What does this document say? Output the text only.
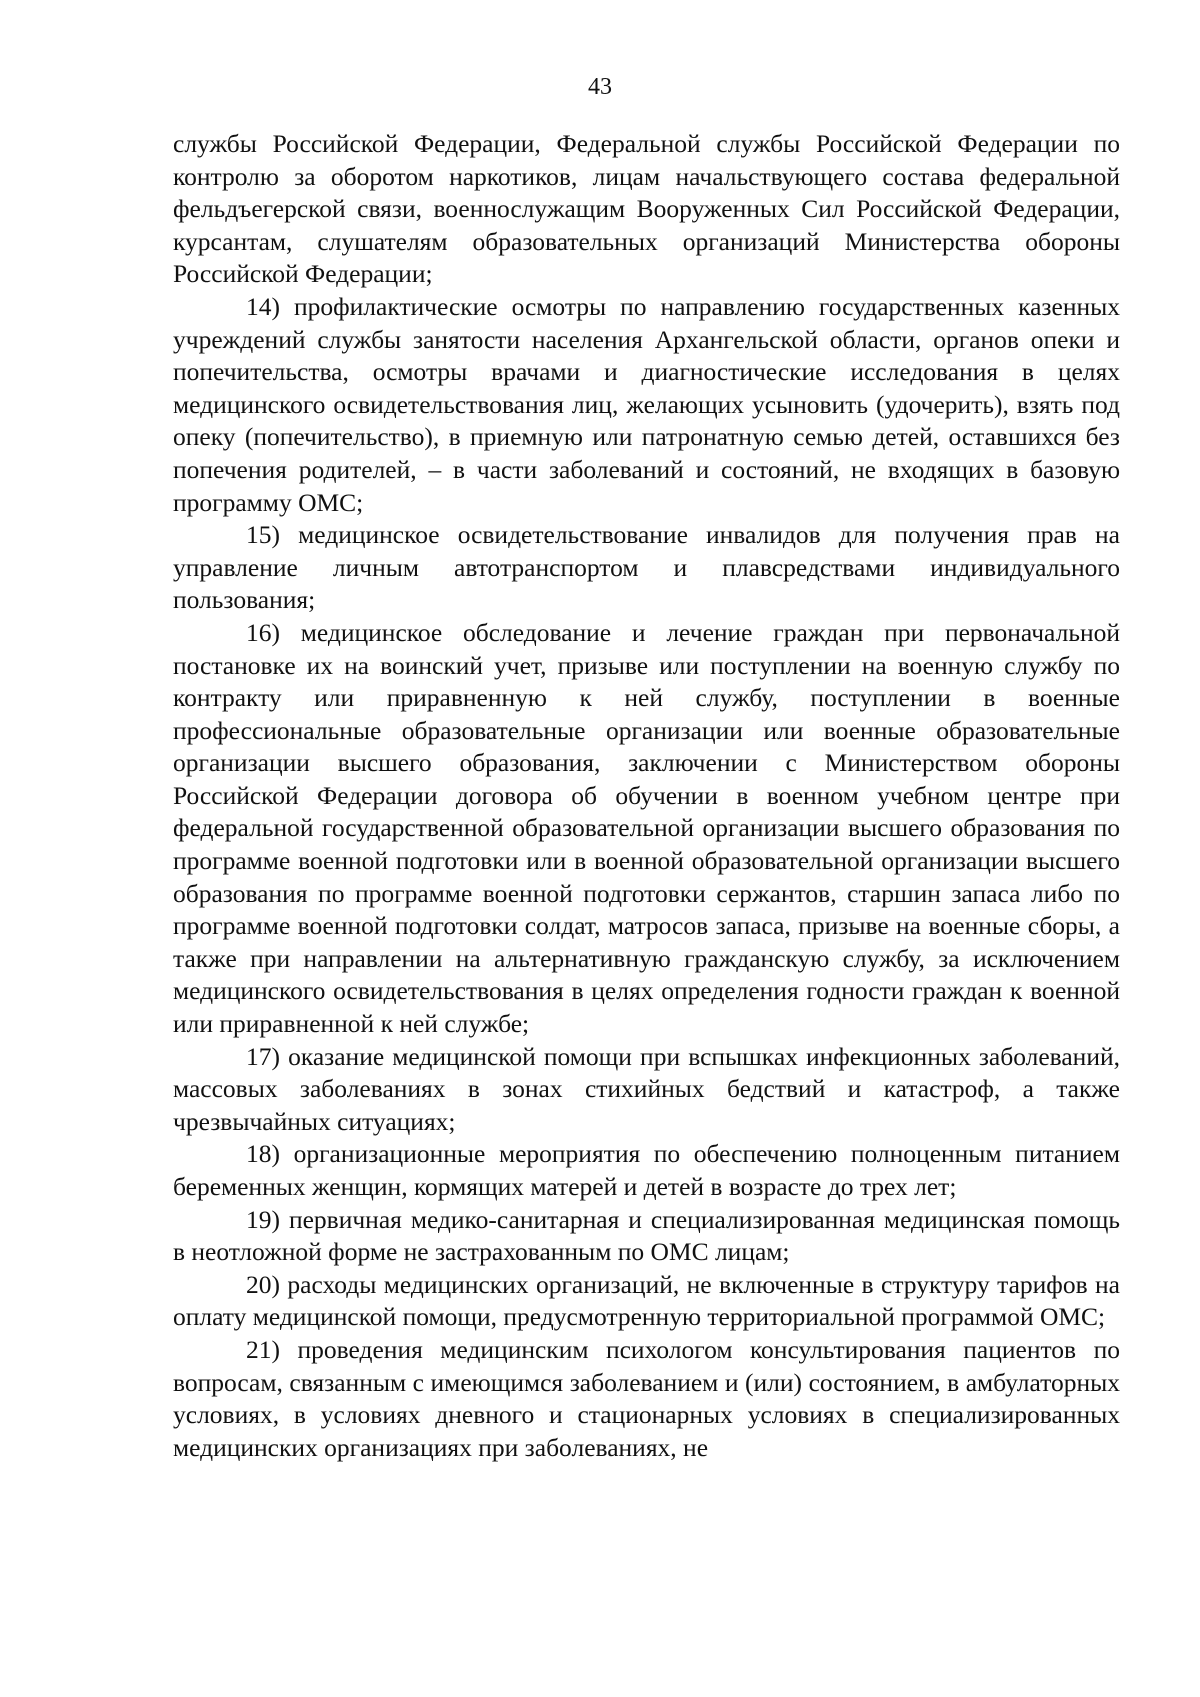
43

службы Российской Федерации, Федеральной службы Российской Федерации по контролю за оборотом наркотиков, лицам начальствующего состава федеральной фельдъегерской связи, военнослужащим Вооруженных Сил Российской Федерации, курсантам, слушателям образовательных организаций Министерства обороны Российской Федерации;

14) профилактические осмотры по направлению государственных казенных учреждений службы занятости населения Архангельской области, органов опеки и попечительства, осмотры врачами и диагностические исследования в целях медицинского освидетельствования лиц, желающих усыновить (удочерить), взять под опеку (попечительство), в приемную или патронатную семью детей, оставшихся без попечения родителей, – в части заболеваний и состояний, не входящих в базовую программу ОМС;

15) медицинское освидетельствование инвалидов для получения прав на управление личным автотранспортом и плавсредствами индивидуального пользования;

16) медицинское обследование и лечение граждан при первоначальной постановке их на воинский учет, призыве или поступлении на военную службу по контракту или приравненную к ней службу, поступлении в военные профессиональные образовательные организации или военные образовательные организации высшего образования, заключении с Министерством обороны Российской Федерации договора об обучении в военном учебном центре при федеральной государственной образовательной организации высшего образования по программе военной подготовки или в военной образовательной организации высшего образования по программе военной подготовки сержантов, старшин запаса либо по программе военной подготовки солдат, матросов запаса, призыве на военные сборы, а также при направлении на альтернативную гражданскую службу, за исключением медицинского освидетельствования в целях определения годности граждан к военной или приравненной к ней службе;

17) оказание медицинской помощи при вспышках инфекционных заболеваний, массовых заболеваниях в зонах стихийных бедствий и катастроф, а также чрезвычайных ситуациях;

18) организационные мероприятия по обеспечению полноценным питанием беременных женщин, кормящих матерей и детей в возрасте до трех лет;

19) первичная медико-санитарная и специализированная медицинская помощь в неотложной форме не застрахованным по ОМС лицам;

20) расходы медицинских организаций, не включенные в структуру тарифов на оплату медицинской помощи, предусмотренную территориальной программой ОМС;

21) проведения медицинским психологом консультирования пациентов по вопросам, связанным с имеющимся заболеванием и (или) состоянием, в амбулаторных условиях, в условиях дневного и стационарных условиях в специализированных медицинских организациях при заболеваниях, не
